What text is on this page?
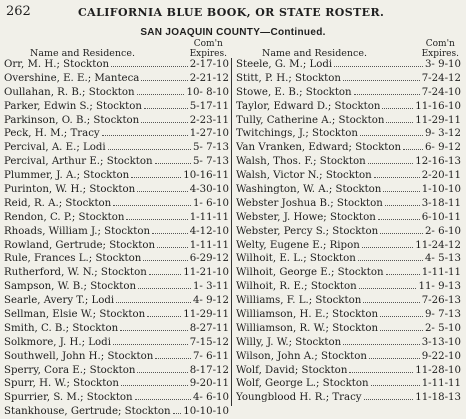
262	CALIFORNIA BLUE BOOK, OR STATE ROSTER.
SAN JOAQUIN COUNTY—Continued.
Name and Residence.
Com'n
Expires.
Orr, M. H.; Stockton	2-17-10
Overshine, E. E.; Manteca	2-21-12
Oullahan, R. B.; Stockton	10- 8-10
Parker, Edwin S.; Stockton	5-17-11
Parkinson, O. B.; Stockton	2-23-11
Peck, H. M.; Tracy	1-27-10
Percival, A. E.; Lodi	5- 7-13
Percival, Arthur E.; Stockton	5- 7-13
Plummer, J. A.; Stockton	10-16-11
Purinton, W. H.; Stockton	4-30-10
Reid, R. A.; Stockton	1- 6-10
Rendon, C. P.; Stockton	1-11-11
Rhoads, William J.; Stockton	4-12-10
Rowland, Gertrude; Stockton	1-11-11
Rule, Frances L.; Stockton	6-29-12
Rutherford, W. N.; Stockton	11-21-10
Sampson, W. B.; Stockton	1- 3-11
Searle, Avery T.; Lodi	4- 9-12
Sellman, Elsie W.; Stockton	11-29-11
Smith, C. B.; Stockton	8-27-11
Solkmore, J. H.; Lodi	7-15-12
Southwell, John H.; Stockton	7- 6-11
Sperry, Cora E.; Stockton	8-17-12
Spurr, H. W.; Stockton	9-20-11
Spurrier, S. M.; Stockton	4- 6-10
Stankhouse, Gertrude; Stockton 10-10-10
Name and Residence.
Com'n
Expires.
Steele, G. M.; Lodi	3- 9-10
Stitt, P. H.; Stockton	7-24-12
Stowe, E. B.; Stockton	7-24-10
Taylor, Edward D.; Stockton	11-16-10
Tully, Catherine A.; Stockton	11-29-11
Twitchings, J.; Stockton	9- 3-12
Van Vranken, Edward; Stockton 6- 9-12
Walsh, Thos. F.; Stockton	12-16-13
Walsh, Victor N.; Stockton	2-20-11
Washington, W. A.; Stockton	1-10-10
Webster Joshua B.; Stockton	3-18-11
Webster, J. Howe; Stockton	6-10-11
Webster, Percy S.; Stockton	2- 6-10
Welty, Eugene E.; Ripon	11-24-12
Wilhoit, E. L.; Stockton	4- 5-13
Wilhoit, George E.; Stockton	1-11-11
Wilhoit, R. E.; Stockton	11- 9-13
Williams, F. L.; Stockton	7-26-13
Williamson, H. E.; Stockton	9- 7-13
Williamson, R. W.; Stockton	2- 5-10
Willy, J. W.; Stockton	3-13-10
Wilson, John A.; Stockton	9-22-10
Wolf, David; Stockton	11-28-10
Wolf, George L.; Stockton	1-11-11
Youngblood H. R.; Tracy	11-18-13
